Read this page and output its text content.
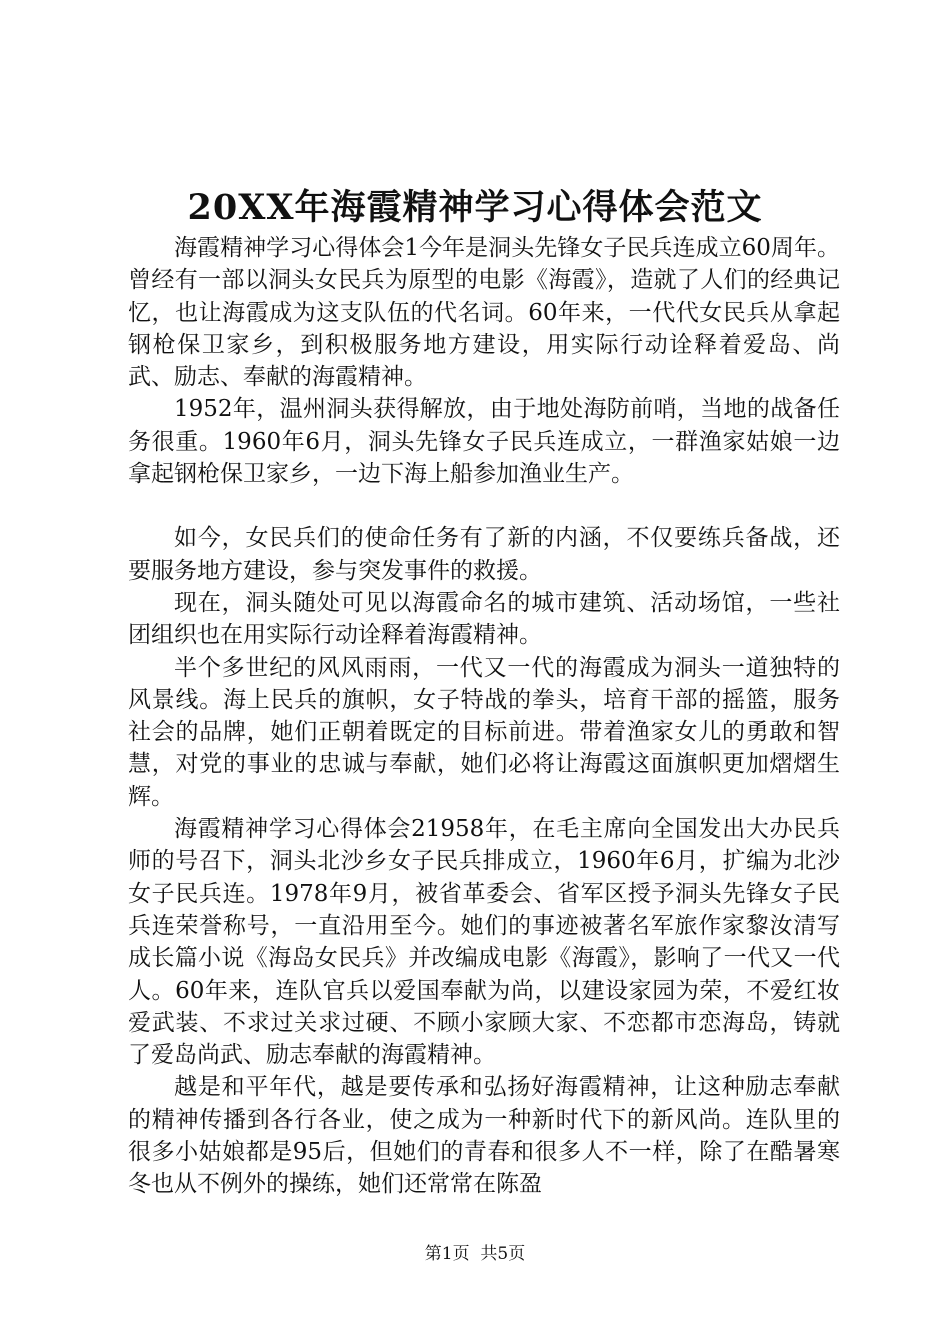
20XX年海霞精神学习心得体会范文

海霞精神学习心得体会1今年是洞头先锋女子民兵连成立60周年。曾经有一部以洞头女民兵为原型的电影《海霞》，造就了人们的经典记忆，也让海霞成为这支队伍的代名词。60年来，一代代女民兵从拿起钢枪保卫家乡，到积极服务地方建设，用实际行动诠释着爱岛、尚武、励志、奉献的海霞精神。

1952年，温州洞头获得解放，由于地处海防前哨，当地的战备任务很重。1960年6月，洞头先锋女子民兵连成立，一群渔家姑娘一边拿起钢枪保卫家乡，一边下海上船参加渔业生产。

如今，女民兵们的使命任务有了新的内涵，不仅要练兵备战，还要服务地方建设，参与突发事件的救援。

现在，洞头随处可见以海霞命名的城市建筑、活动场馆，一些社团组织也在用实际行动诠释着海霞精神。

半个多世纪的风风雨雨，一代又一代的海霞成为洞头一道独特的风景线。海上民兵的旗帜，女子特战的拳头，培育干部的摇篮，服务社会的品牌，她们正朝着既定的目标前进。带着渔家女儿的勇敢和智慧，对党的事业的忠诚与奉献，她们必将让海霞这面旗帜更加熠熠生辉。

海霞精神学习心得体会21958年，在毛主席向全国发出大办民兵师的号召下，洞头北沙乡女子民兵排成立，1960年6月，扩编为北沙女子民兵连。1978年9月，被省革委会、省军区授予洞头先锋女子民兵连荣誉称号，一直沿用至今。她们的事迹被著名军旅作家黎汝清写成长篇小说《海岛女民兵》并改编成电影《海霞》，影响了一代又一代人。60年来，连队官兵以爱国奉献为尚，以建设家园为荣，不爱红妆爱武装、不求过关求过硬、不顾小家顾大家、不恋都市恋海岛，铸就了爱岛尚武、励志奉献的海霞精神。

越是和平年代，越是要传承和弘扬好海霞精神，让这种励志奉献的精神传播到各行各业，使之成为一种新时代下的新风尚。连队里的很多小姑娘都是95后，但她们的青春和很多人不一样，除了在酷暑寒冬也从不例外的操练，她们还常常在陈盈

第1页 共5页
